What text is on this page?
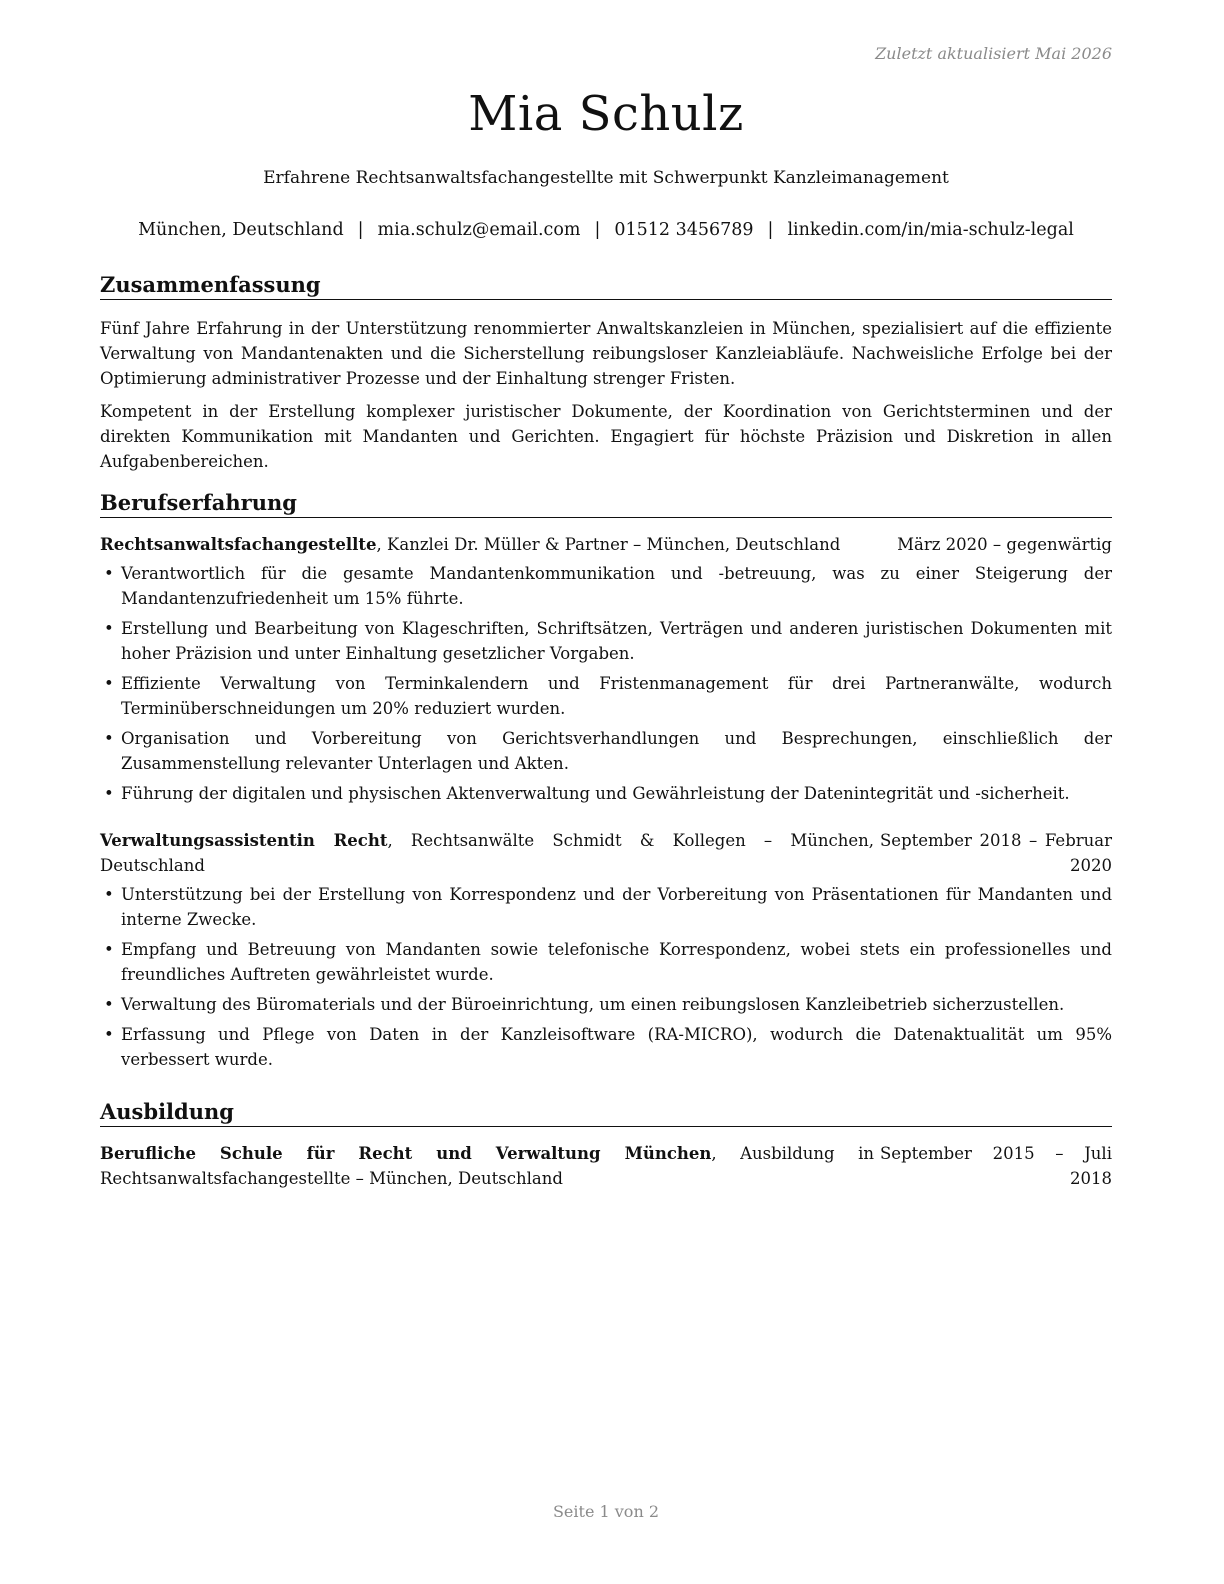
Zuletzt aktualisiert Mai 2026
Mia Schulz
Erfahrene Rechtsanwaltsfachangestellte mit Schwerpunkt Kanzleimanagement
München, Deutschland | mia.schulz@email.com | 01512 3456789 | linkedin.com/in/mia-schulz-legal
Zusammenfassung

Fünf Jahre Erfahrung in der Unterstützung renommierter Anwaltskanzleien in München, spezialisiert auf die effiziente Verwaltung von Mandantenakten und die Sicherstellung reibungsloser Kanzleiabläufe. Nachweisliche Erfolge bei der Optimierung administrativer Prozesse und der Einhaltung strenger Fristen.

Kompetent in der Erstellung komplexer juristischer Dokumente, der Koordination von Gerichtsterminen und der direkten Kommunikation mit Mandanten und Gerichten. Engagiert für höchste Präzision und Diskretion in allen Aufgabenbereichen.

Berufserfahrung
Rechtsanwaltsfachangestellte, Kanzlei Dr. Müller & Partner – München, Deutschland	März 2020 – gegenwärtig
• Verantwortlich für die gesamte Mandantenkommunikation und -betreuung, was zu einer Steigerung der Mandantenzufriedenheit um 15% führte.
• Erstellung und Bearbeitung von Klageschriften, Schriftsätzen, Verträgen und anderen juristischen Dokumenten mit hoher Präzision und unter Einhaltung gesetzlicher Vorgaben.
• Effiziente Verwaltung von Terminkalendern und Fristenmanagement für drei Partneranwälte, wodurch Terminüberschneidungen um 20% reduziert wurden.
• Organisation und Vorbereitung von Gerichtsverhandlungen und Besprechungen, einschließlich der Zusammenstellung relevanter Unterlagen und Akten.
• Führung der digitalen und physischen Aktenverwaltung und Gewährleistung der Datenintegrität und -sicherheit.
Verwaltungsassistentin Recht, Rechtsanwälte Schmidt & Kollegen – München, Deutschland
September 2018 – Februar 2020
• Unterstützung bei der Erstellung von Korrespondenz und der Vorbereitung von Präsentationen für Mandanten und interne Zwecke.
• Empfang und Betreuung von Mandanten sowie telefonische Korrespondenz, wobei stets ein professionelles und freundliches Auftreten gewährleistet wurde.
• Verwaltung des Büromaterials und der Büroeinrichtung, um einen reibungslosen Kanzleibetrieb sicherzustellen.
• Erfassung und Pflege von Daten in der Kanzleisoftware (RA-MICRO), wodurch die Datenaktualität um 95% verbessert wurde.
Ausbildung
Berufliche Schule für Recht und Verwaltung München, Ausbildung in Rechtsanwaltsfachangestellte – München, Deutschland
September 2015 – Juli 2018
Seite 1 von 2
